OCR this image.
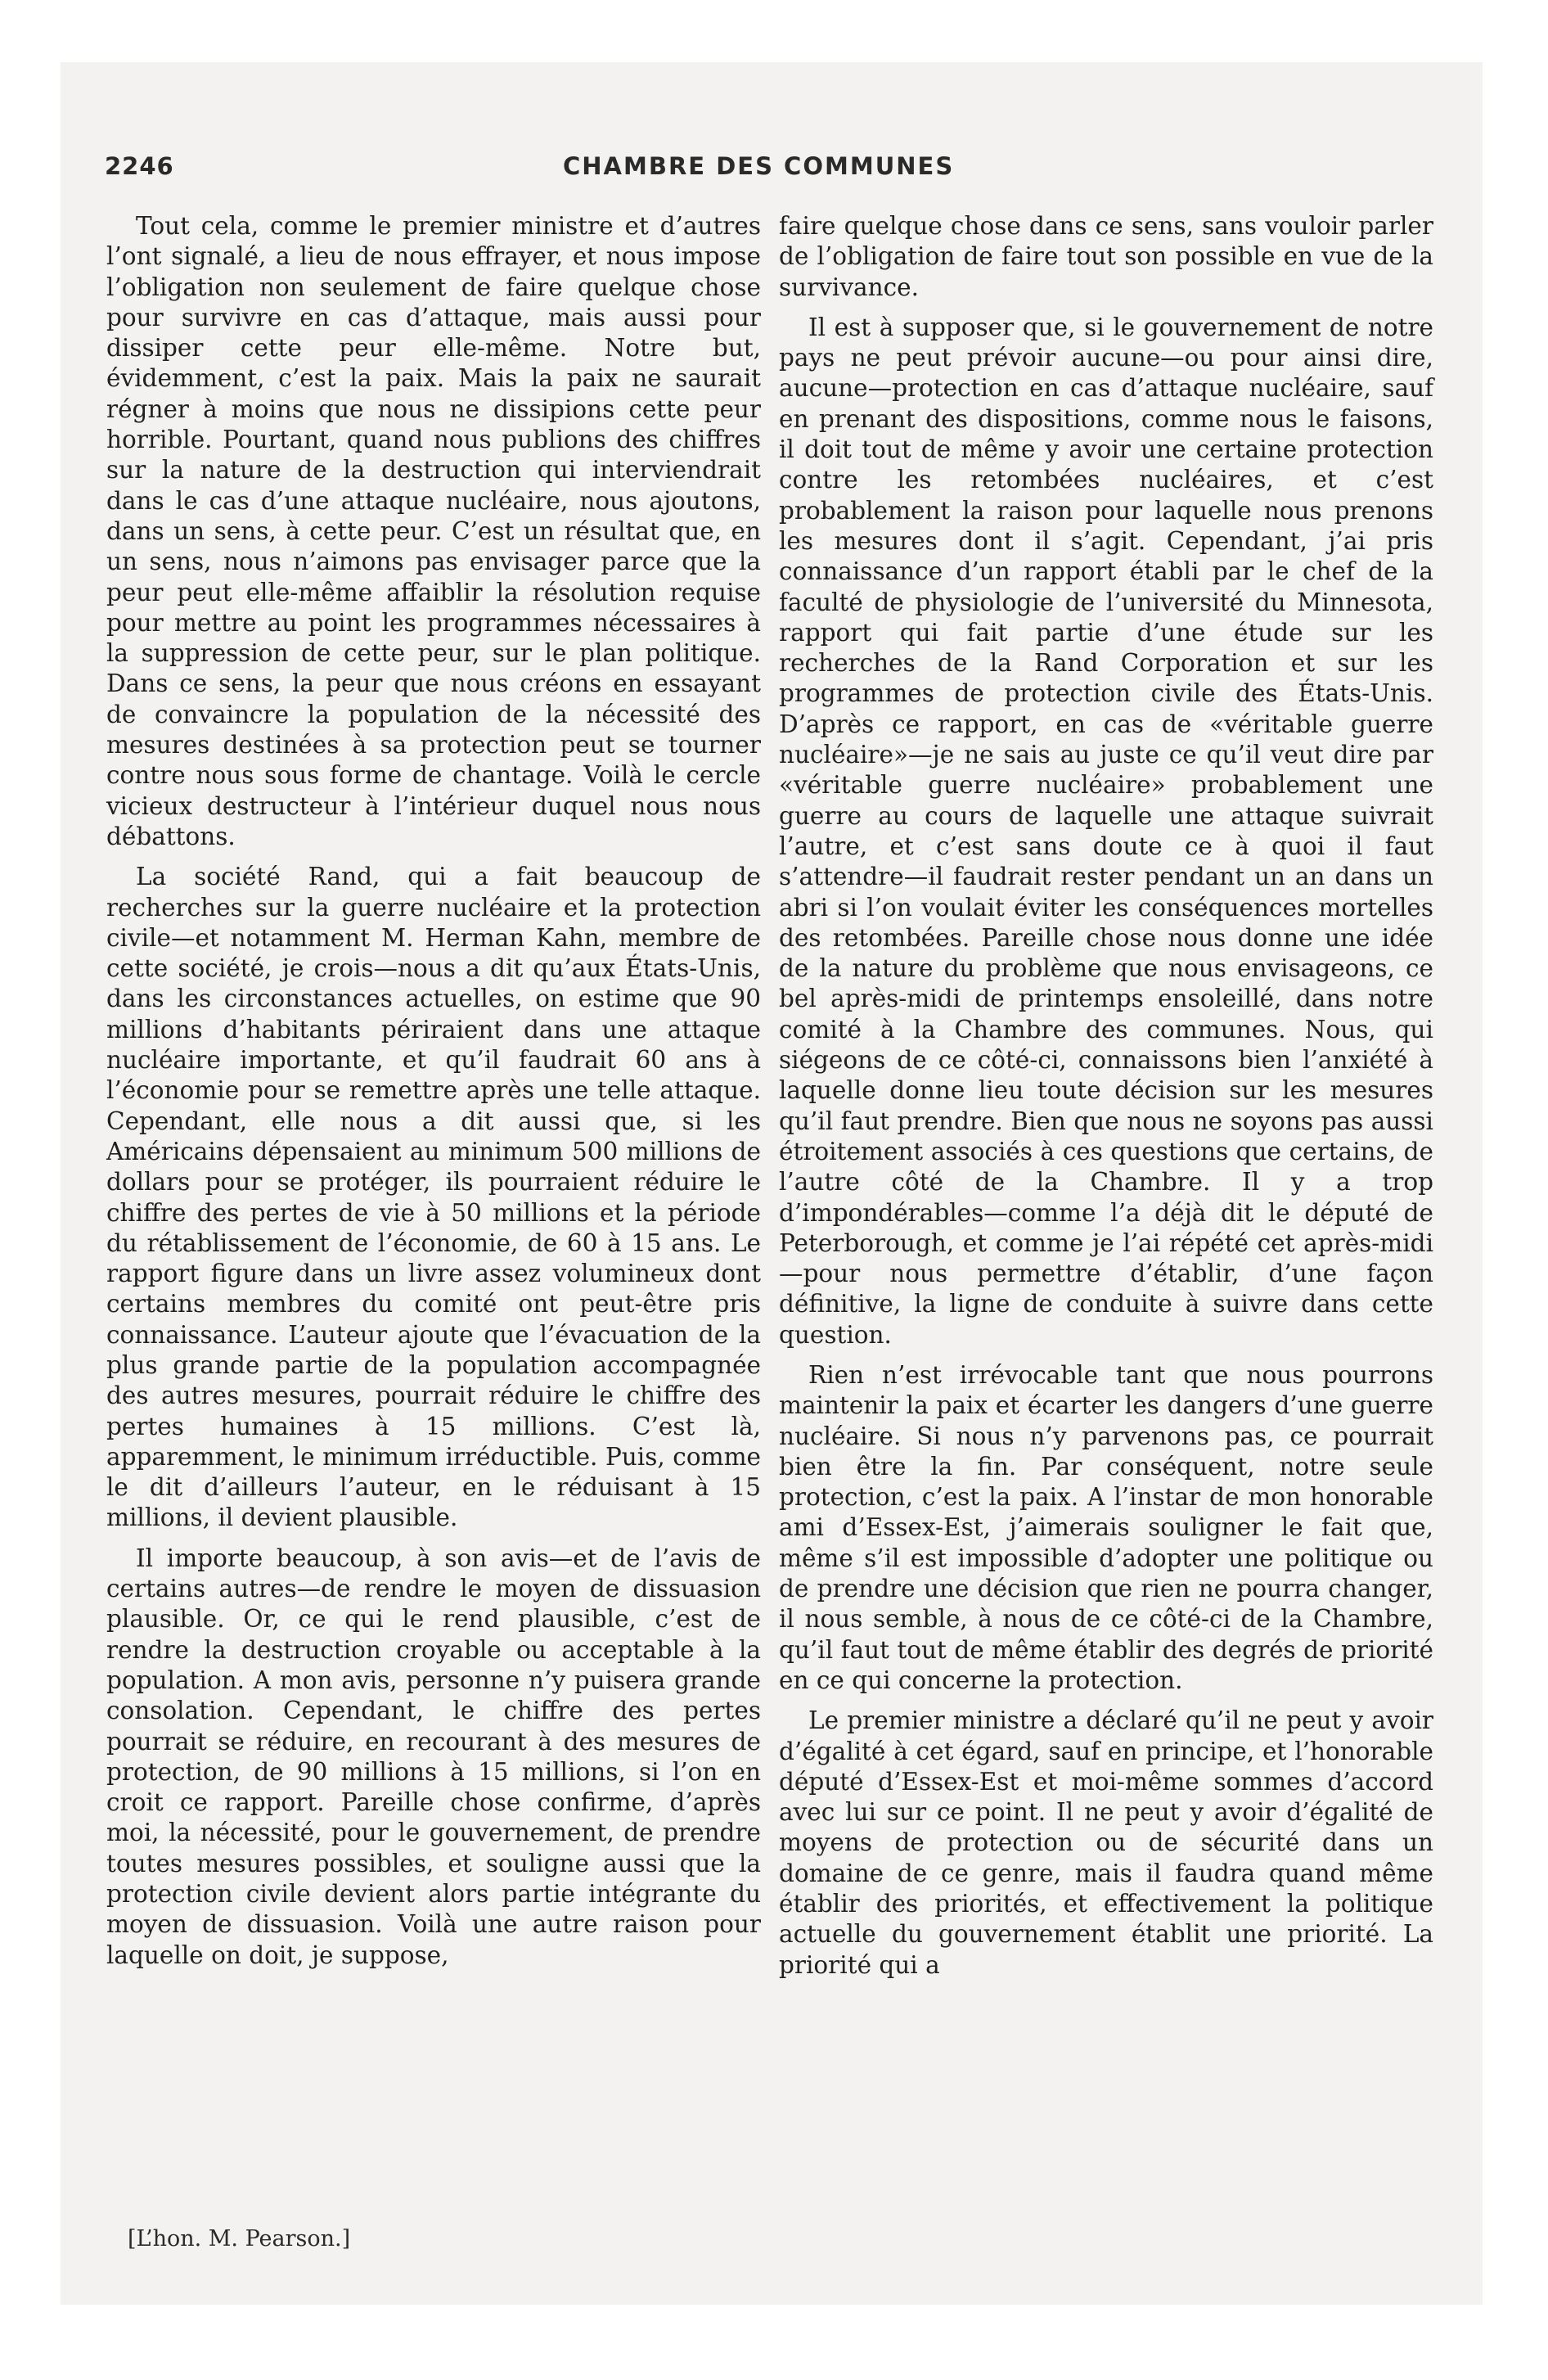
2246	CHAMBRE DES COMMUNES

Tout cela, comme le premier ministre et d’autres l’ont signalé, a lieu de nous effrayer, et nous impose l’obligation non seulement de faire quelque chose pour survivre en cas d’attaque, mais aussi pour dissiper cette peur elle-même. Notre but, évidemment, c’est la paix. Mais la paix ne saurait régner à moins que nous ne dissipions cette peur horrible. Pourtant, quand nous publions des chiffres sur la nature de la destruction qui interviendrait dans le cas d’une attaque nucléaire, nous ajoutons, dans un sens, à cette peur. C’est un résultat que, en un sens, nous n’aimons pas envisager parce que la peur peut elle-même affaiblir la résolution requise pour mettre au point les programmes nécessaires à la suppression de cette peur, sur le plan politique. Dans ce sens, la peur que nous créons en essayant de convaincre la population de la nécessité des mesures destinées à sa protection peut se tourner contre nous sous forme de chantage. Voilà le cercle vicieux destructeur à l’intérieur duquel nous nous débattons.

La société Rand, qui a fait beaucoup de recherches sur la guerre nucléaire et la protection civile—et notamment M. Herman Kahn, membre de cette société, je crois—nous a dit qu’aux États-Unis, dans les circonstances actuelles, on estime que 90 millions d’habitants périraient dans une attaque nucléaire importante, et qu’il faudrait 60 ans à l’économie pour se remettre après une telle attaque. Cependant, elle nous a dit aussi que, si les Américains dépensaient au minimum 500 millions de dollars pour se protéger, ils pourraient réduire le chiffre des pertes de vie à 50 millions et la période du rétablissement de l’économie, de 60 à 15 ans. Le rapport figure dans un livre assez volumineux dont certains membres du comité ont peut-être pris connaissance. L’auteur ajoute que l’évacuation de la plus grande partie de la population accompagnée des autres mesures, pourrait réduire le chiffre des pertes humaines à 15 millions. C’est là, apparemment, le minimum irréductible. Puis, comme le dit d’ailleurs l’auteur, en le réduisant à 15 millions, il devient plausible.

Il importe beaucoup, à son avis—et de l’avis de certains autres—de rendre le moyen de dissuasion plausible. Or, ce qui le rend plausible, c’est de rendre la destruction croyable ou acceptable à la population. A mon avis, personne n’y puisera grande consolation. Cependant, le chiffre des pertes pourrait se réduire, en recourant à des mesures de protection, de 90 millions à 15 millions, si l’on en croit ce rapport. Pareille chose confirme, d’après moi, la nécessité, pour le gouvernement, de prendre toutes mesures possibles, et souligne aussi que la protection civile devient alors partie intégrante du moyen de dissuasion. Voilà une autre raison pour laquelle on doit, je suppose,

faire quelque chose dans ce sens, sans vouloir parler de l’obligation de faire tout son possible en vue de la survivance.

Il est à supposer que, si le gouvernement de notre pays ne peut prévoir aucune—ou pour ainsi dire, aucune—protection en cas d’attaque nucléaire, sauf en prenant des dispositions, comme nous le faisons, il doit tout de même y avoir une certaine protection contre les retombées nucléaires, et c’est probablement la raison pour laquelle nous prenons les mesures dont il s’agit. Cependant, j’ai pris connaissance d’un rapport établi par le chef de la faculté de physiologie de l’université du Minnesota, rapport qui fait partie d’une étude sur les recherches de la Rand Corporation et sur les programmes de protection civile des États-Unis. D’après ce rapport, en cas de «véritable guerre nucléaire»—je ne sais au juste ce qu’il veut dire par «véritable guerre nucléaire» probablement une guerre au cours de laquelle une attaque suivrait l’autre, et c’est sans doute ce à quoi il faut s’attendre—il faudrait rester pendant un an dans un abri si l’on voulait éviter les conséquences mortelles des retombées. Pareille chose nous donne une idée de la nature du problème que nous envisageons, ce bel après-midi de printemps ensoleillé, dans notre comité à la Chambre des communes. Nous, qui siégeons de ce côté-ci, connaissons bien l’anxiété à laquelle donne lieu toute décision sur les mesures qu’il faut prendre. Bien que nous ne soyons pas aussi étroitement associés à ces questions que certains, de l’autre côté de la Chambre. Il y a trop d’impondérables—comme l’a déjà dit le député de Peterborough, et comme je l’ai répété cet après-midi—pour nous permettre d’établir, d’une façon définitive, la ligne de conduite à suivre dans cette question.

Rien n’est irrévocable tant que nous pourrons maintenir la paix et écarter les dangers d’une guerre nucléaire. Si nous n’y parvenons pas, ce pourrait bien être la fin. Par conséquent, notre seule protection, c’est la paix. A l’instar de mon honorable ami d’Essex-Est, j’aimerais souligner le fait que, même s’il est impossible d’adopter une politique ou de prendre une décision que rien ne pourra changer, il nous semble, à nous de ce côté-ci de la Chambre, qu’il faut tout de même établir des degrés de priorité en ce qui concerne la protection.

Le premier ministre a déclaré qu’il ne peut y avoir d’égalité à cet égard, sauf en principe, et l’honorable député d’Essex-Est et moi-même sommes d’accord avec lui sur ce point. Il ne peut y avoir d’égalité de moyens de protection ou de sécurité dans un domaine de ce genre, mais il faudra quand même établir des priorités, et effectivement la politique actuelle du gouvernement établit une priorité. La priorité qui a

[L’hon. M. Pearson.]
